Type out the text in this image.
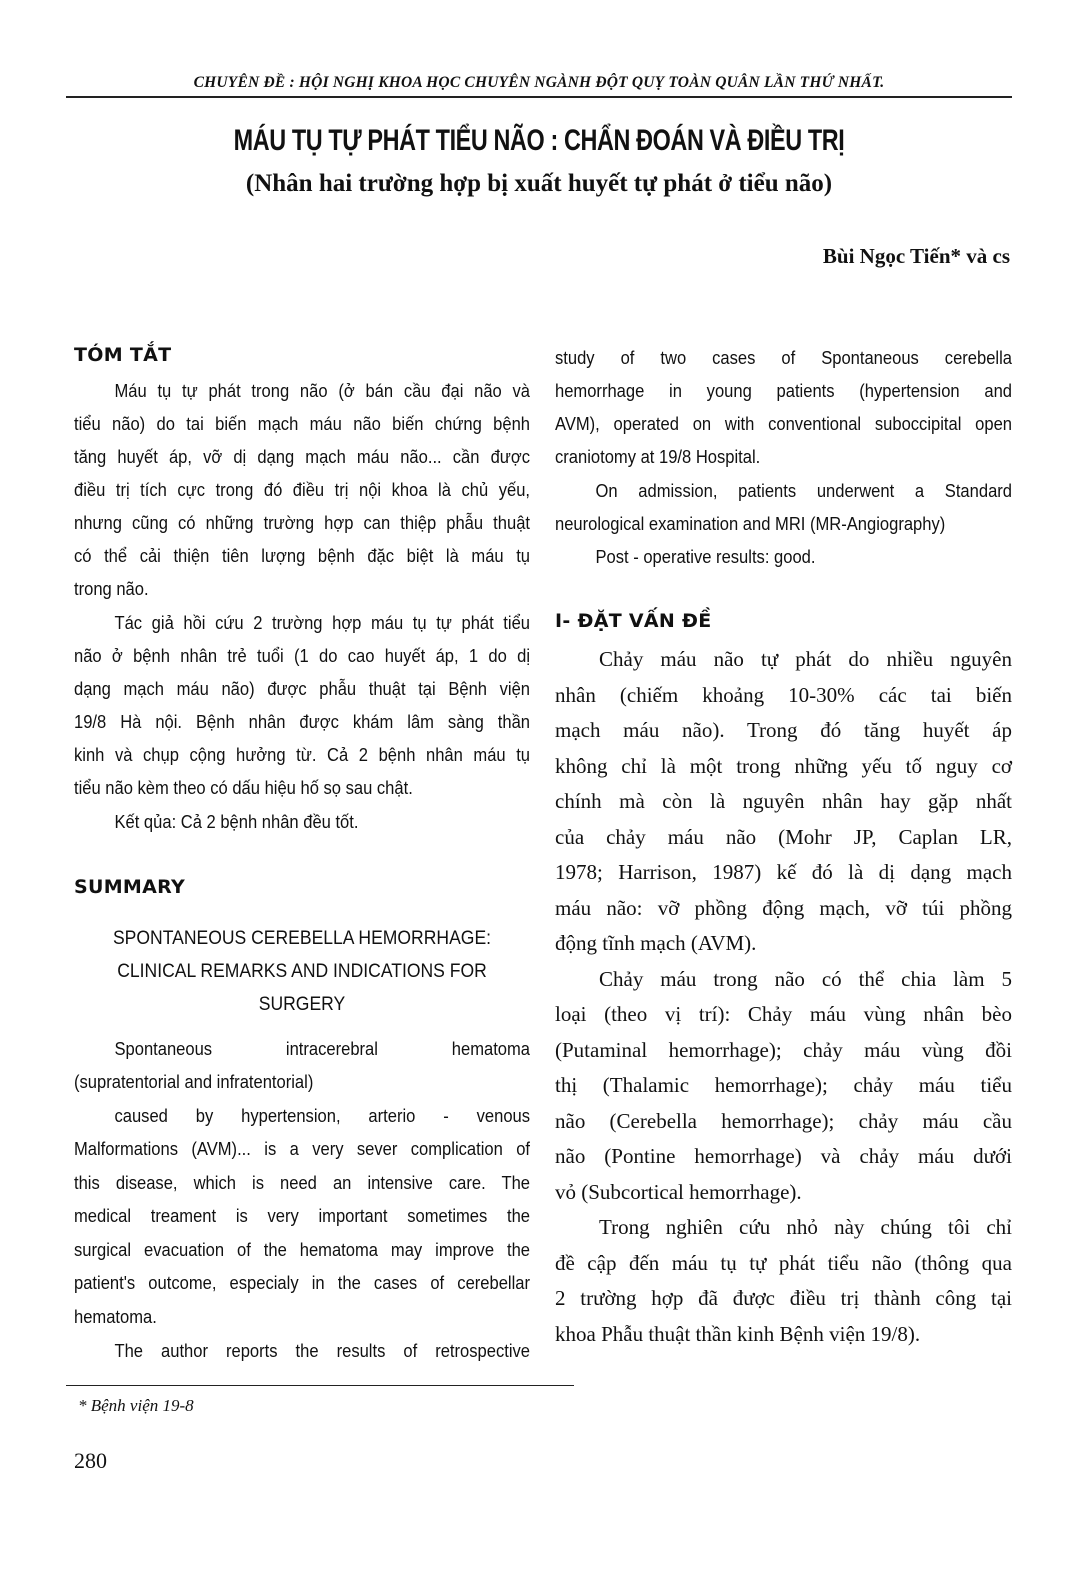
CHUYÊN ĐỀ : HỘI NGHỊ KHOA HỌC CHUYÊN NGÀNH ĐỘT QUỴ TOÀN QUÂN LẦN THỨ NHẤT.
MÁU TỤ TỰ PHÁT TIỂU NÃO : CHẨN ĐOÁN VÀ ĐIỀU TRỊ
(Nhân hai trường hợp bị xuất huyết tự phát ở tiểu não)
Bùi Ngọc Tiến* và cs
TÓM TẮT
Máu tụ tự phát trong não (ở bán cầu đại não và
tiểu não) do tai biến mạch máu não biến chứng bệnh
tăng huyết áp, vỡ dị dạng mạch máu não... cần được
điều trị tích cực trong đó điều trị nội khoa là chủ yếu,
nhưng cũng có những trường hợp can thiệp phẫu thuật
có thể cải thiện tiên lượng bệnh đặc biệt là máu tụ
trong não.
Tác giả hồi cứu 2 trường hợp máu tụ tự phát tiểu
não ở bệnh nhân trẻ tuổi (1 do cao huyết áp, 1 do dị
dạng mạch máu não) được phẫu thuật tại Bệnh viện
19/8 Hà nội. Bệnh nhân được khám lâm sàng thần
kinh và chụp cộng hưởng từ. Cả 2 bệnh nhân máu tụ
tiểu não kèm theo có dấu hiệu hố sọ sau chật.
Kết qủa: Cả 2 bệnh nhân đều tốt.
SUMMARY
SPONTANEOUS CEREBELLA HEMORRHAGE:
CLINICAL REMARKS AND INDICATIONS FOR
SURGERY
Spontaneous intracerebral hematoma
(supratentorial and infratentorial)
caused by hypertension, arterio - venous
Malformations (AVM)... is a very sever complication of
this disease, which is need an intensive care. The
medical treament is very important sometimes the
surgical evacuation of the hematoma may improve the
patient's outcome, especialy in the cases of cerebellar
hematoma.
The author reports the results of retrospective
study of two cases of Spontaneous cerebella
hemorrhage in young patients (hypertension and
AVM), operated on with conventional suboccipital open
craniotomy at 19/8 Hospital.
On admission, patients underwent a Standard
neurological examination and MRI (MR-Angiography)
Post - operative results: good.
I- ĐẶT VẤN ĐỀ
Chảy máu não tự phát do nhiều nguyên
nhân (chiếm khoảng 10-30% các tai biến
mạch máu não). Trong đó tăng huyết áp
không chỉ là một trong những yếu tố nguy cơ
chính mà còn là nguyên nhân hay gặp nhất
của chảy máu não (Mohr JP, Caplan LR,
1978; Harrison, 1987) kế đó là dị dạng mạch
máu não: vỡ phồng động mạch, vỡ túi phồng
động tĩnh mạch (AVM).
Chảy máu trong não có thể chia làm 5
loại (theo vị trí): Chảy máu vùng nhân bèo
(Putaminal hemorrhage); chảy máu vùng đồi
thị (Thalamic hemorrhage); chảy máu tiểu
não (Cerebella hemorrhage); chảy máu cầu
não (Pontine hemorrhage) và chảy máu dưới
vỏ (Subcortical hemorrhage).
Trong nghiên cứu nhỏ này chúng tôi chỉ
đề cập đến máu tụ tự phát tiểu não (thông qua
2 trường hợp đã được điều trị thành công tại
khoa Phẫu thuật thần kinh Bệnh viện 19/8).
* Bệnh viện 19-8
280
